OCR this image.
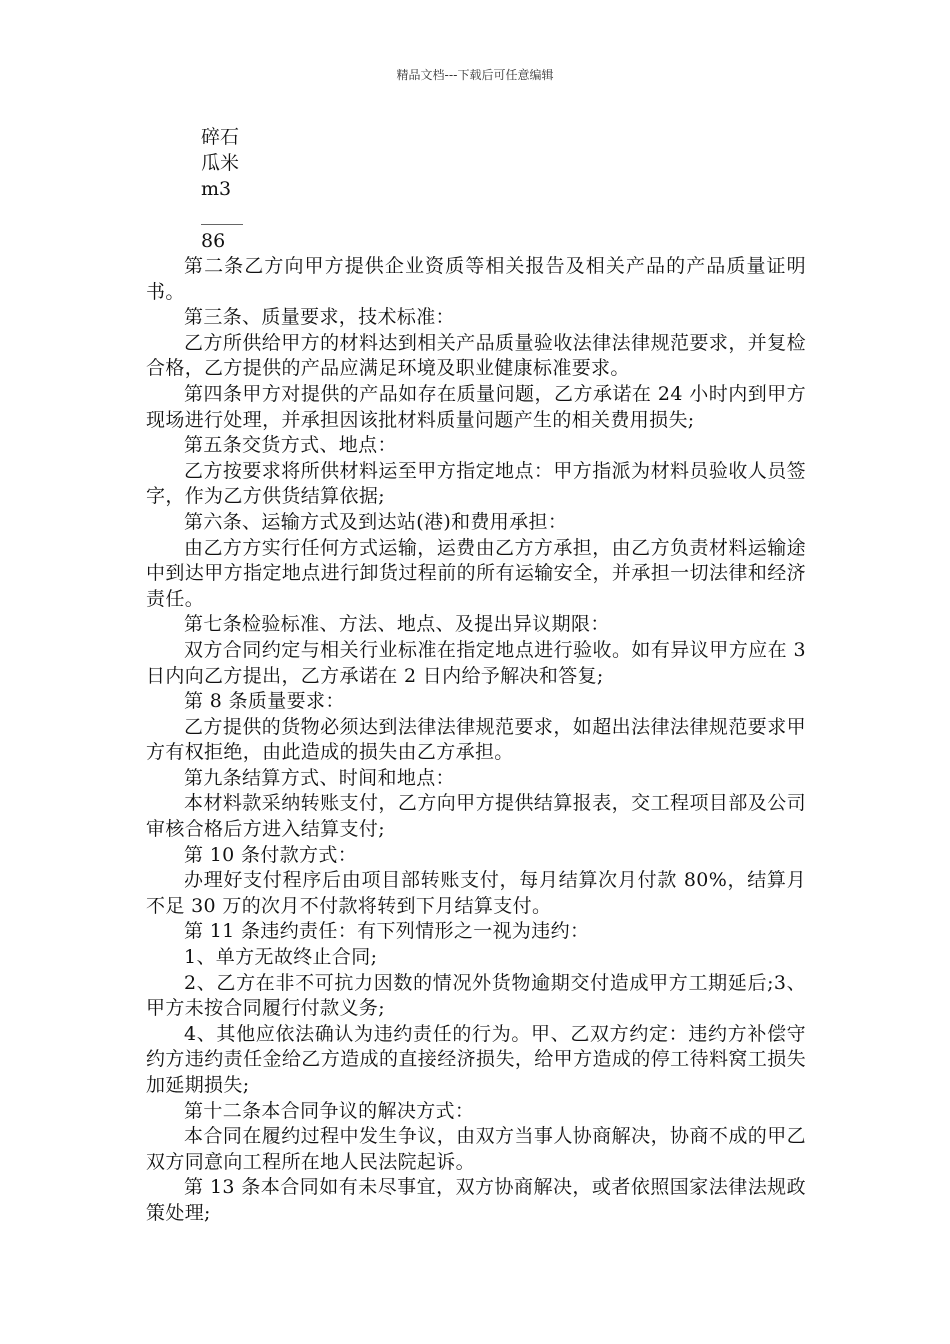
精品文档---下载后可任意编辑
碎石
瓜米
m3
86

第二条乙方向甲方提供企业资质等相关报告及相关产品的产品质量证明书。

第三条、质量要求，技术标准：

乙方所供给甲方的材料达到相关产品质量验收法律法律规范要求，并复检合格，乙方提供的产品应满足环境及职业健康标准要求。

第四条甲方对提供的产品如存在质量问题，乙方承诺在 24 小时内到甲方现场进行处理，并承担因该批材料质量问题产生的相关费用损失;

第五条交货方式、地点：

乙方按要求将所供材料运至甲方指定地点：甲方指派为材料员验收人员签字，作为乙方供货结算依据;

第六条、运输方式及到达站(港)和费用承担：

由乙方方实行任何方式运输，运费由乙方方承担，由乙方负责材料运输途中到达甲方指定地点进行卸货过程前的所有运输安全，并承担一切法律和经济责任。

第七条检验标准、方法、地点、及提出异议期限：

双方合同约定与相关行业标准在指定地点进行验收。如有异议甲方应在 3 日内向乙方提出，乙方承诺在 2 日内给予解决和答复;

第 8 条质量要求：

乙方提供的货物必须达到法律法律规范要求，如超出法律法律规范要求甲方有权拒绝，由此造成的损失由乙方承担。

第九条结算方式、时间和地点：

本材料款采纳转账支付，乙方向甲方提供结算报表，交工程项目部及公司审核合格后方进入结算支付;

第 10 条付款方式：

办理好支付程序后由项目部转账支付，每月结算次月付款 80%，结算月不足 30 万的次月不付款将转到下月结算支付。

第 11 条违约责任：有下列情形之一视为违约：

1、单方无故终止合同;

2、乙方在非不可抗力因数的情况外货物逾期交付造成甲方工期延后;3、甲方未按合同履行付款义务;

4、其他应依法确认为违约责任的行为。甲、乙双方约定：违约方补偿守约方违约责任金给乙方造成的直接经济损失，给甲方造成的停工待料窝工损失加延期损失;

第十二条本合同争议的解决方式：

本合同在履约过程中发生争议，由双方当事人协商解决，协商不成的甲乙双方同意向工程所在地人民法院起诉。

第 13 条本合同如有未尽事宜，双方协商解决，或者依照国家法律法规政策处理;
